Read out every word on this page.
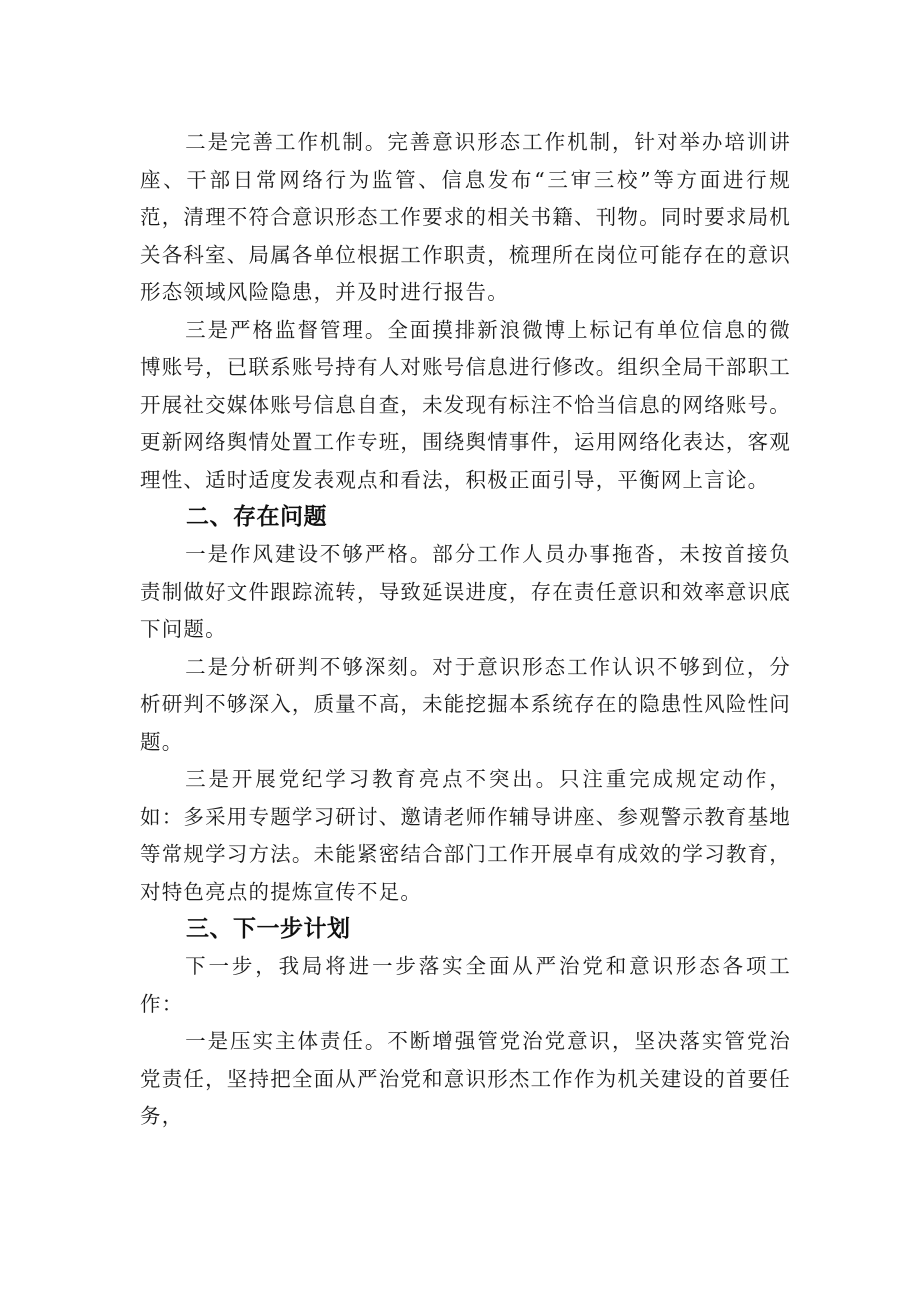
二是完善工作机制。完善意识形态工作机制，针对举办培训讲座、干部日常网络行为监管、信息发布“三审三校”等方面进行规范，清理不符合意识形态工作要求的相关书籍、刊物。同时要求局机关各科室、局属各单位根据工作职责，梳理所在岗位可能存在的意识形态领域风险隐患，并及时进行报告。

三是严格监督管理。全面摸排新浪微博上标记有单位信息的微博账号，已联系账号持有人对账号信息进行修改。组织全局干部职工开展社交媒体账号信息自查，未发现有标注不恰当信息的网络账号。更新网络舆情处置工作专班，围绕舆情事件，运用网络化表达，客观理性、适时适度发表观点和看法，积极正面引导，平衡网上言论。

二、存在问题

一是作风建设不够严格。部分工作人员办事拖沓，未按首接负责制做好文件跟踪流转，导致延误进度，存在责任意识和效率意识底下问题。

二是分析研判不够深刻。对于意识形态工作认识不够到位，分析研判不够深入，质量不高，未能挖掘本系统存在的隐患性风险性问题。

三是开展党纪学习教育亮点不突出。只注重完成规定动作，如：多采用专题学习研讨、邀请老师作辅导讲座、参观警示教育基地等常规学习方法。未能紧密结合部门工作开展卓有成效的学习教育，对特色亮点的提炼宣传不足。

三、下一步计划

下一步，我局将进一步落实全面从严治党和意识形态各项工作：

一是压实主体责任。不断增强管党治党意识，坚决落实管党治党责任，坚持把全面从严治党和意识形杰工作作为机关建设的首要任务，
